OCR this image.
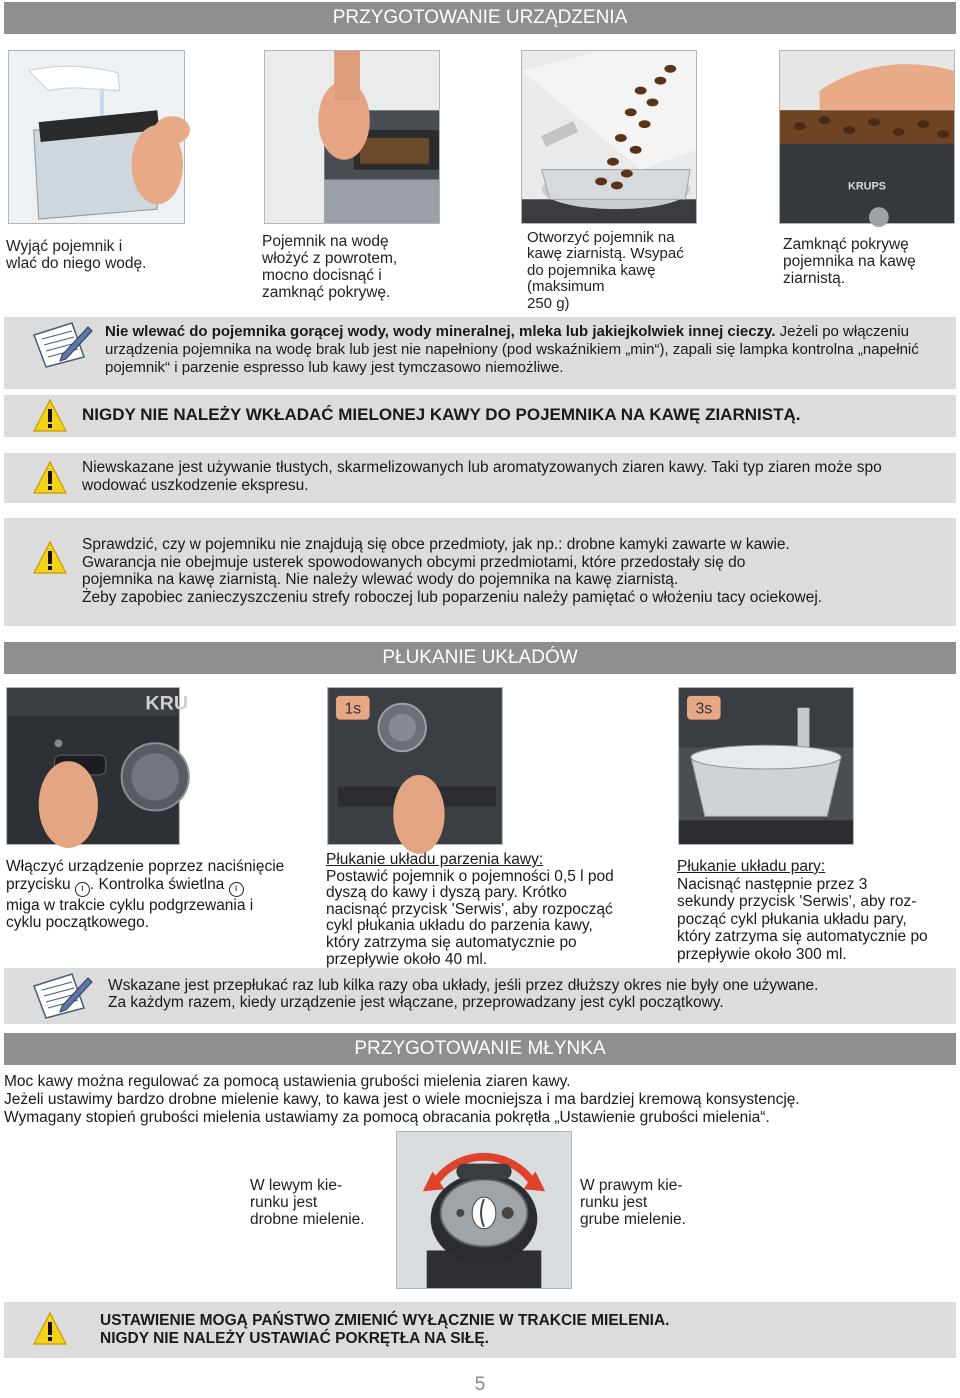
PRZYGOTOWANIE URZĄDZENIA
Wyjąć pojemnik i
wlać do niego wodę.
Pojemnik na wodę
włożyć z powrotem,
mocno docisnąć i
zamknąć pokrywę.
Otworzyć pojemnik na
kawę ziarnistą. Wsypać
do pojemnika kawę
(maksimum
250 g)
KRUPS
Zamknąć pokrywę
pojemnika na kawę
ziarnistą.
Nie wlewać do pojemnika gorącej wody, wody mineralnej, mleka lub jakiejkolwiek innej cieczy. Jeżeli po włączeniu urządzenia pojemnika na wodę brak lub jest nie napełniony (pod wskaźnikiem „min“), zapali się lampka kontrolna „napełnić pojemnik“ i parzenie espresso lub kawy jest tymczasowo niemożliwe.
NIGDY NIE NALEŻY WKŁADAĆ MIELONEJ KAWY DO POJEMNIKA NA KAWĘ ZIARNISTĄ.
Niewskazane jest używanie tłustych, skarmelizowanych lub aromatyzowanych ziaren kawy. Taki typ ziaren może spo wodować uszkodzenie ekspresu.
Sprawdzić, czy w pojemniku nie znajdują się obce przedmioty, jak np.: drobne kamyki zawarte w kawie.
Gwarancja nie obejmuje usterek spowodowanych obcymi przedmiotami, które przedostały się do
pojemnika na kawę ziarnistą. Nie należy wlewać wody do pojemnika na kawę ziarnistą.
Żeby zapobiec zanieczyszczeniu strefy roboczej lub poparzeniu należy pamiętać o włożeniu tacy ociekowej.
PŁUKANIE UKŁADÓW
KRU
Włączyć urządzenie poprzez naciśnięcie
przycisku ı . Kontrolka świetlna ı
miga w trakcie cyklu podgrzewania i
cyklu początkowego.
1s
Płukanie układu parzenia kawy:
Postawić pojemnik o pojemności 0,5 l pod
dyszą do kawy i dyszą pary. Krótko
nacisnąć przycisk 'Serwis', aby rozpocząć
cykl płukania układu do parzenia kawy,
który zatrzyma się automatycznie po
przepływie około 40 ml.
3s
Płukanie układu pary:
Nacisnąć następnie przez 3
sekundy przycisk 'Serwis', aby roz-
począć cykl płukania układu pary,
który zatrzyma się automatycznie po
przepływie około 300 ml.
Wskazane jest przepłukać raz lub kilka razy oba układy, jeśli przez dłuższy okres nie były one używane.
Za każdym razem, kiedy urządzenie jest włączane, przeprowadzany jest cykl początkowy.
PRZYGOTOWANIE MŁYNKA
Moc kawy można regulować za pomocą ustawienia grubości mielenia ziaren kawy.
Jeżeli ustawimy bardzo drobne mielenie kawy, to kawa jest o wiele mocniejsza i ma bardziej kremową konsystencję.
Wymagany stopień grubości mielenia ustawiamy za pomocą obracania pokrętła „Ustawienie grubości mielenia“.
W lewym kie-
runku jest
drobne mielenie.
W prawym kie-
runku jest
grube mielenie.
USTAWIENIE MOGĄ PAŃSTWO ZMIENIĆ WYŁĄCZNIE W TRAKCIE MIELENIA.
NIGDY NIE NALEŻY USTAWIAĆ POKRĘTŁA NA SIŁĘ.
5
